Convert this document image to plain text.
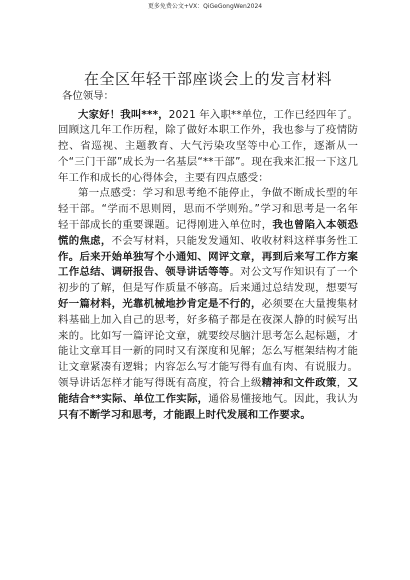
更多免费公文+VX：QiGeGongWen2024
在全区年轻干部座谈会上的发言材料
各位领导：

大家好！我叫***，2021 年入职**单位，工作已经四年了。回顾这几年工作历程，除了做好本职工作外，我也参与了疫情防控、省巡视、主题教育、大气污染攻坚等中心工作，逐渐从一个“三门干部”成长为一名基层“**干部”。现在我来汇报一下这几年工作和成长的心得体会，主要有四点感受：

第一点感受：学习和思考绝不能停止，争做不断成长型的年轻干部。“学而不思则罔，思而不学则殆。”学习和思考是一名年轻干部成长的重要课题。记得刚进入单位时，我也曾陷入本领恐慌的焦虑，不会写材料，只能发发通知、收收材料这样事务性工作。后来开始单独写个小通知、网评文章，再到后来写工作方案工作总结、调研报告、领导讲话等等。对公文写作知识有了一个初步的了解，但是写作质量不够高。后来通过总结发现，想要写好一篇材料，光靠机械地抄肯定是不行的，必须要在大量搜集材料基础上加入自己的思考，好多稿子都是在夜深人静的时候写出来的。比如写一篇评论文章，就要绞尽脑汁思考怎么起标题，才能让文章耳目一新的同时又有深度和见解；怎么写框架结构才能让文章紧凑有逻辑；内容怎么写才能写得有血有肉、有说服力。领导讲话怎样才能写得既有高度，符合上级精神和文件政策，又能结合**实际、单位工作实际，通俗易懂接地气。因此，我认为只有不断学习和思考，才能跟上时代发展和工作要求。
